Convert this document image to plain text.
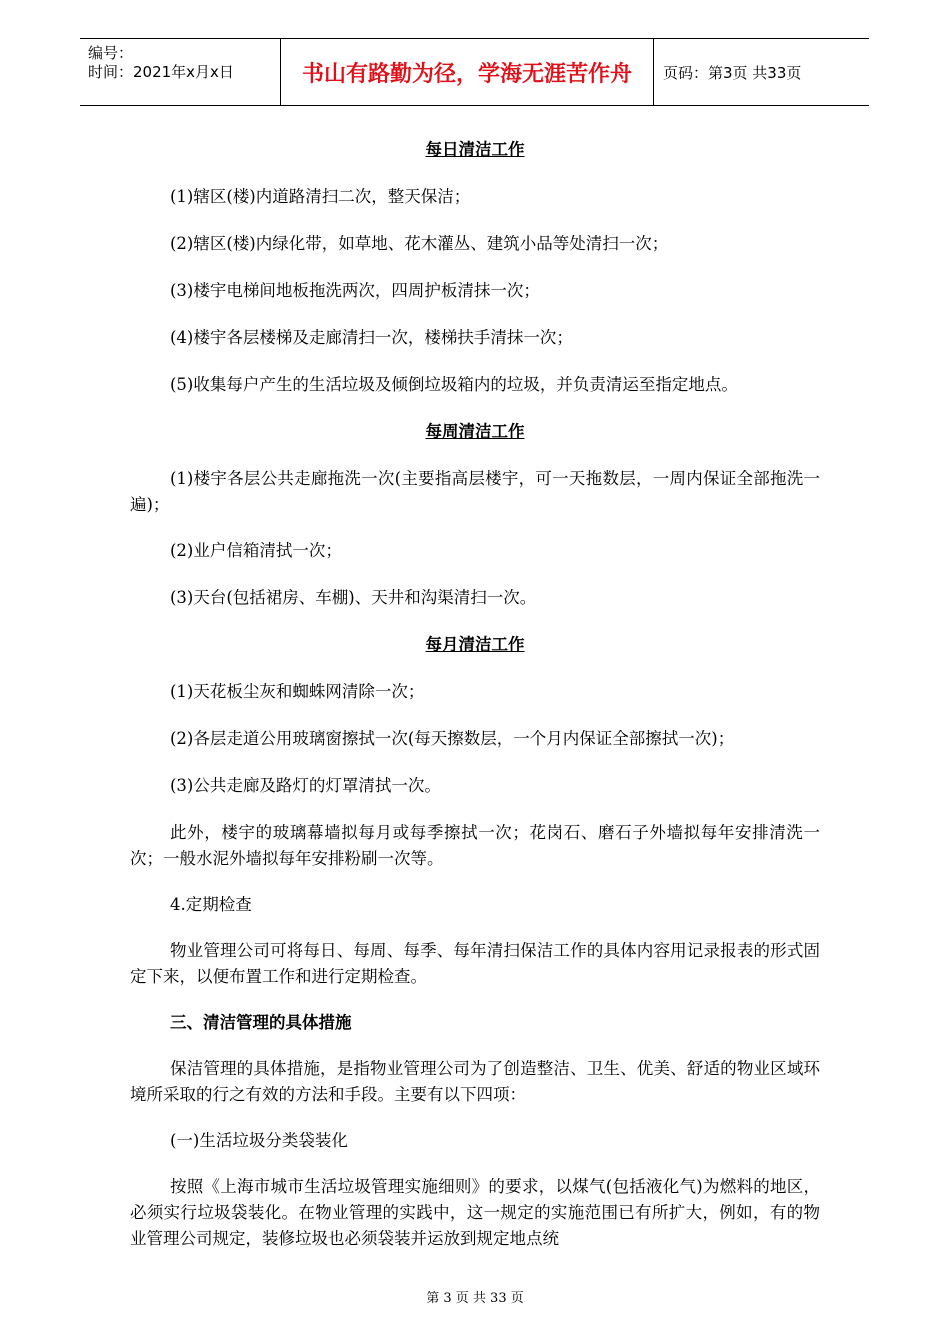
编号：
时间：2021年x月x日	书山有路勤为径，学海无涯苦作舟	页码：第3页 共33页

每日清洁工作

(1)辖区(楼)内道路清扫二次，整天保洁；

(2)辖区(楼)内绿化带，如草地、花木灌丛、建筑小品等处清扫一次；

(3)楼宇电梯间地板拖洗两次，四周护板清抹一次；

(4)楼宇各层楼梯及走廊清扫一次，楼梯扶手清抹一次；

(5)收集每户产生的生活垃圾及倾倒垃圾箱内的垃圾，并负责清运至指定地点。

每周清洁工作

(1)楼宇各层公共走廊拖洗一次(主要指高层楼宇，可一天拖数层，一周内保证全部拖洗一遍)；

(2)业户信箱清拭一次；

(3)天台(包括裙房、车棚)、天井和沟渠清扫一次。

每月清洁工作

(1)天花板尘灰和蜘蛛网清除一次；

(2)各层走道公用玻璃窗擦拭一次(每天擦数层，一个月内保证全部擦拭一次)；

(3)公共走廊及路灯的灯罩清拭一次。

此外，楼宇的玻璃幕墙拟每月或每季擦拭一次；花岗石、磨石子外墙拟每年安排清洗一次；一般水泥外墙拟每年安排粉刷一次等。

4.定期检查

物业管理公司可将每日、每周、每季、每年清扫保洁工作的具体内容用记录报表的形式固定下来，以便布置工作和进行定期检查。

三、清洁管理的具体措施

保洁管理的具体措施，是指物业管理公司为了创造整洁、卫生、优美、舒适的物业区域环境所采取的行之有效的方法和手段。主要有以下四项：

(一)生活垃圾分类袋装化

按照《上海市城市生活垃圾管理实施细则》的要求，以煤气(包括液化气)为燃料的地区，必须实行垃圾袋装化。在物业管理的实践中，这一规定的实施范围已有所扩大，例如，有的物业管理公司规定，装修垃圾也必须袋装并运放到规定地点统

第 3 页 共 33 页
